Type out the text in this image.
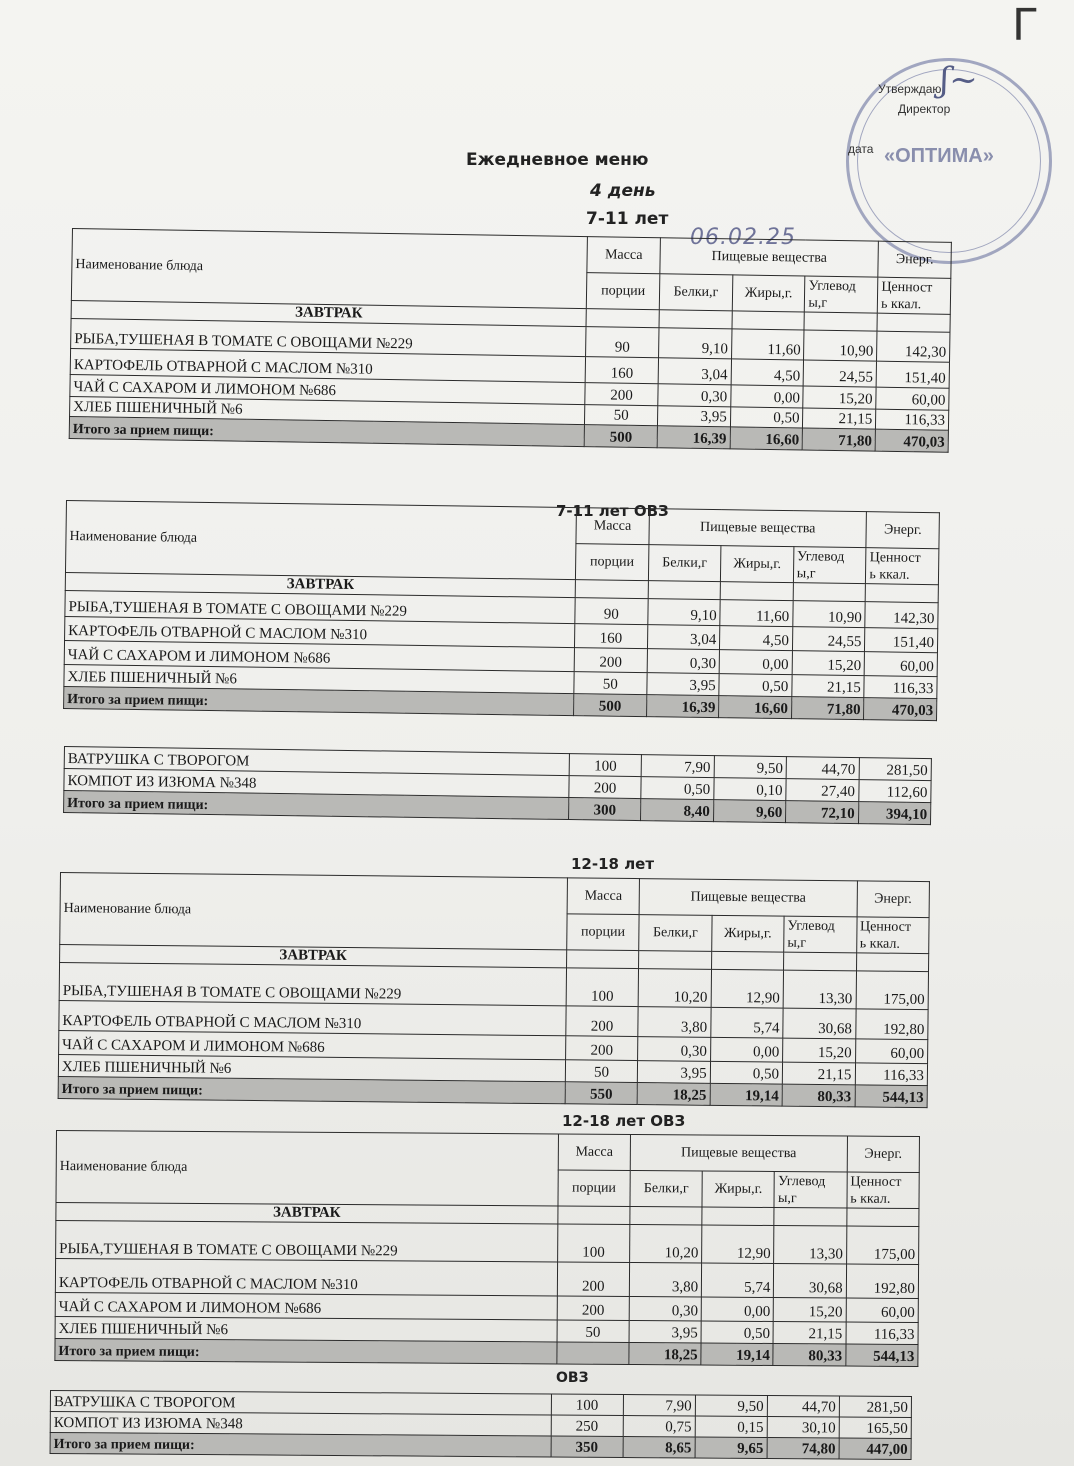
Г
«ОПТИМА»
ʃ~
Утверждаю
Директор
дата
Ежедневное меню
4 день
7-11 лет
06.02.25
7-11 лет ОВЗ
12-18 лет
12-18 лет ОВЗ
ОВЗ
Наименование блюда	Масса	Пищевые вещества			Энерг.
	порции	Белки,г	Жиры,г.	Углевод
ы,г	Ценност
ь ккал.
ЗАВТРАК					
РЫБА,ТУШЕНАЯ В ТОМАТЕ С ОВОЩАМИ №229	90	9,10	11,60	10,90	142,30
КАРТОФЕЛЬ ОТВАРНОЙ С МАСЛОМ №310	160	3,04	4,50	24,55	151,40
ЧАЙ С САХАРОМ И ЛИМОНОМ №686	200	0,30	0,00	15,20	60,00
ХЛЕБ ПШЕНИЧНЫЙ №6	50	3,95	0,50	21,15	116,33
Итого за прием пищи:	500	16,39	16,60	71,80	470,03
Наименование блюда	Масса	Пищевые вещества			Энерг.
	порции	Белки,г	Жиры,г.	Углевод
ы,г	Ценност
ь ккал.
ЗАВТРАК					
РЫБА,ТУШЕНАЯ В ТОМАТЕ С ОВОЩАМИ №229	90	9,10	11,60	10,90	142,30
КАРТОФЕЛЬ ОТВАРНОЙ С МАСЛОМ №310	160	3,04	4,50	24,55	151,40
ЧАЙ С САХАРОМ И ЛИМОНОМ №686	200	0,30	0,00	15,20	60,00
ХЛЕБ ПШЕНИЧНЫЙ №6	50	3,95	0,50	21,15	116,33
Итого за прием пищи:	500	16,39	16,60	71,80	470,03
ВАТРУШКА С ТВОРОГОМ	100	7,90	9,50	44,70	281,50
КОМПОТ ИЗ ИЗЮМА №348	200	0,50	0,10	27,40	112,60
Итого за прием пищи:	300	8,40	9,60	72,10	394,10
Наименование блюда	Масса	Пищевые вещества			Энерг.
	порции	Белки,г	Жиры,г.	Углевод
ы,г	Ценност
ь ккал.
ЗАВТРАК					
РЫБА,ТУШЕНАЯ В ТОМАТЕ С ОВОЩАМИ №229	100	10,20	12,90	13,30	175,00
КАРТОФЕЛЬ ОТВАРНОЙ С МАСЛОМ №310	200	3,80	5,74	30,68	192,80
ЧАЙ С САХАРОМ И ЛИМОНОМ №686	200	0,30	0,00	15,20	60,00
ХЛЕБ ПШЕНИЧНЫЙ №6	50	3,95	0,50	21,15	116,33
Итого за прием пищи:	550	18,25	19,14	80,33	544,13
Наименование блюда	Масса	Пищевые вещества			Энерг.
	порции	Белки,г	Жиры,г.	Углевод
ы,г	Ценност
ь ккал.
ЗАВТРАК					
РЫБА,ТУШЕНАЯ В ТОМАТЕ С ОВОЩАМИ №229	100	10,20	12,90	13,30	175,00
КАРТОФЕЛЬ ОТВАРНОЙ С МАСЛОМ №310	200	3,80	5,74	30,68	192,80
ЧАЙ С САХАРОМ И ЛИМОНОМ №686	200	0,30	0,00	15,20	60,00
ХЛЕБ ПШЕНИЧНЫЙ №6	50	3,95	0,50	21,15	116,33
Итого за прием пищи:		18,25	19,14	80,33	544,13
ВАТРУШКА С ТВОРОГОМ	100	7,90	9,50	44,70	281,50
КОМПОТ ИЗ ИЗЮМА №348	250	0,75	0,15	30,10	165,50
Итого за прием пищи:	350	8,65	9,65	74,80	447,00
